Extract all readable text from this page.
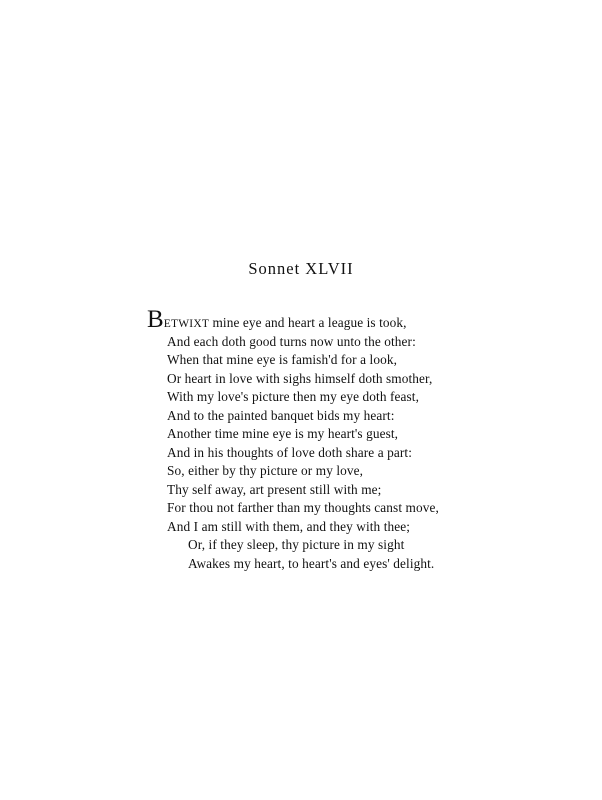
Sonnet XLVII
BETWIXT mine eye and heart a league is took,
And each doth good turns now unto the other:
When that mine eye is famish'd for a look,
Or heart in love with sighs himself doth smother,
With my love's picture then my eye doth feast,
And to the painted banquet bids my heart:
Another time mine eye is my heart's guest,
And in his thoughts of love doth share a part:
So, either by thy picture or my love,
Thy self away, art present still with me;
For thou not farther than my thoughts canst move,
And I am still with them, and they with thee;
Or, if they sleep, thy picture in my sight
Awakes my heart, to heart's and eyes' delight.
